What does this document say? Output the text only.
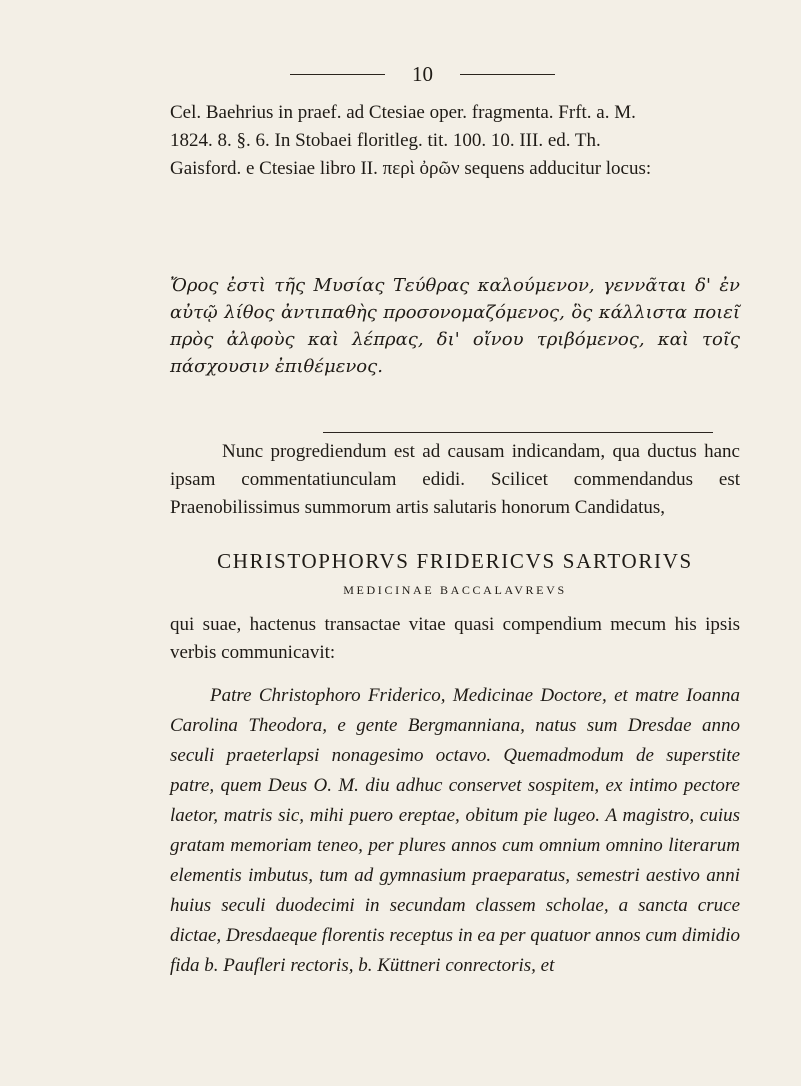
10

Cel. Baehrius in praef. ad Ctesiae oper. fragmenta. Frft. a. M.

1824. 8. §. 6. In Stobaei floritleg. tit. 100. 10. III. ed. Th.

Gaisford. e Ctesiae libro II. περὶ ὀρῶν sequens adducitur locus:

Ὄρος ἐστὶ τῆς Μυσίας Τεύθρας καλούμενον, γεννᾶται δ' ἐν αὐτῷ λίθος ἀντιπαθὴς προσονομαζόμενος, ὃς κάλλιστα ποιεῖ πρὸς ἀλφοὺς καὶ λέπρας, δι' οἴνου τριβόμενος, καὶ τοῖς πάσχουσιν ἐπιθέμενος.

Nunc progrediendum est ad causam indicandam, qua ductus hanc ipsam commentatiunculam edidi. Scilicet commendandus est Praenobilissimus summorum artis salutaris honorum Candidatus,

CHRISTOPHORVS FRIDERICVS SARTORIVS

MEDICINAE BACCALAVREVS

qui suae, hactenus transactae vitae quasi compendium mecum his ipsis verbis communicavit:

Patre Christophoro Friderico, Medicinae Doctore, et matre Ioanna Carolina Theodora, e gente Bergmanniana, natus sum Dresdae anno seculi praeterlapsi nonagesimo octavo. Quemadmodum de superstite patre, quem Deus O. M. diu adhuc conservet sospitem, ex intimo pectore laetor, matris sic, mihi puero ereptae, obitum pie lugeo. A magistro, cuius gratam memoriam teneo, per plures annos cum omnium omnino literarum elementis imbutus, tum ad gymnasium praeparatus, semestri aestivo anni huius seculi duodecimi in secundam classem scholae, a sancta cruce dictae, Dresdaeque florentis receptus in ea per quatuor annos cum dimidio fida b. Paufleri rectoris, b. Küttneri conrectoris, et
